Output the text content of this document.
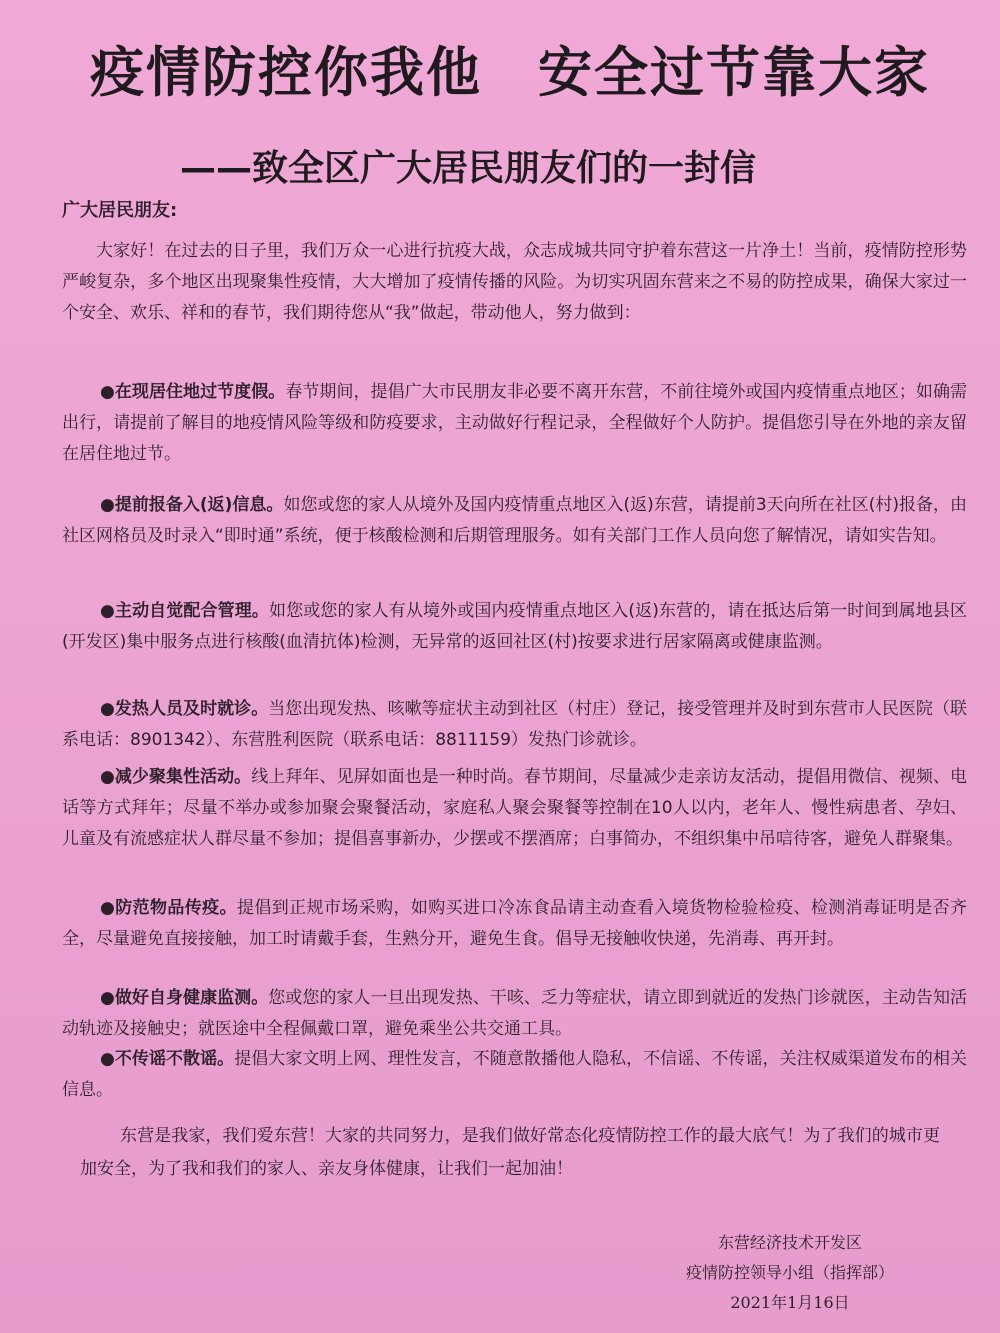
疫情防控你我他　安全过节靠大家
——致全区广大居民朋友们的一封信
广大居民朋友:
大家好！在过去的日子里，我们万众一心进行抗疫大战，众志成城共同守护着东营这一片净土！当前，疫情防控形势严峻复杂，多个地区出现聚集性疫情，大大增加了疫情传播的风险。为切实巩固东营来之不易的防控成果，确保大家过一个安全、欢乐、祥和的春节，我们期待您从“我”做起，带动他人，努力做到：
●在现居住地过节度假。春节期间，提倡广大市民朋友非必要不离开东营，不前往境外或国内疫情重点地区；如确需出行，请提前了解目的地疫情风险等级和防疫要求，主动做好行程记录，全程做好个人防护。提倡您引导在外地的亲友留在居住地过节。
●提前报备入(返)信息。如您或您的家人从境外及国内疫情重点地区入(返)东营，请提前3天向所在社区(村)报备，由社区网格员及时录入“即时通”系统，便于核酸检测和后期管理服务。如有关部门工作人员向您了解情况，请如实告知。
●主动自觉配合管理。如您或您的家人有从境外或国内疫情重点地区入(返)东营的，请在抵达后第一时间到属地县区(开发区)集中服务点进行核酸(血清抗体)检测，无异常的返回社区(村)按要求进行居家隔离或健康监测。
●发热人员及时就诊。当您出现发热、咳嗽等症状主动到社区（村庄）登记，接受管理并及时到东营市人民医院（联系电话：8901342）、东营胜利医院（联系电话：8811159）发热门诊就诊。
●减少聚集性活动。线上拜年、见屏如面也是一种时尚。春节期间，尽量减少走亲访友活动，提倡用微信、视频、电话等方式拜年；尽量不举办或参加聚会聚餐活动，家庭私人聚会聚餐等控制在10人以内，老年人、慢性病患者、孕妇、儿童及有流感症状人群尽量不参加；提倡喜事新办，少摆或不摆酒席；白事简办，不组织集中吊唁待客，避免人群聚集。
●防范物品传疫。提倡到正规市场采购，如购买进口冷冻食品请主动查看入境货物检验检疫、检测消毒证明是否齐全，尽量避免直接接触，加工时请戴手套，生熟分开，避免生食。倡导无接触收快递，先消毒、再开封。
●做好自身健康监测。您或您的家人一旦出现发热、干咳、乏力等症状，请立即到就近的发热门诊就医，主动告知活动轨迹及接触史；就医途中全程佩戴口罩，避免乘坐公共交通工具。
●不传谣不散谣。提倡大家文明上网、理性发言，不随意散播他人隐私，不信谣、不传谣，关注权威渠道发布的相关信息。
东营是我家，我们爱东营！大家的共同努力，是我们做好常态化疫情防控工作的最大底气！为了我们的城市更加安全，为了我和我们的家人、亲友身体健康，让我们一起加油！
东营经济技术开发区
疫情防控领导小组（指挥部）
2021年1月16日
